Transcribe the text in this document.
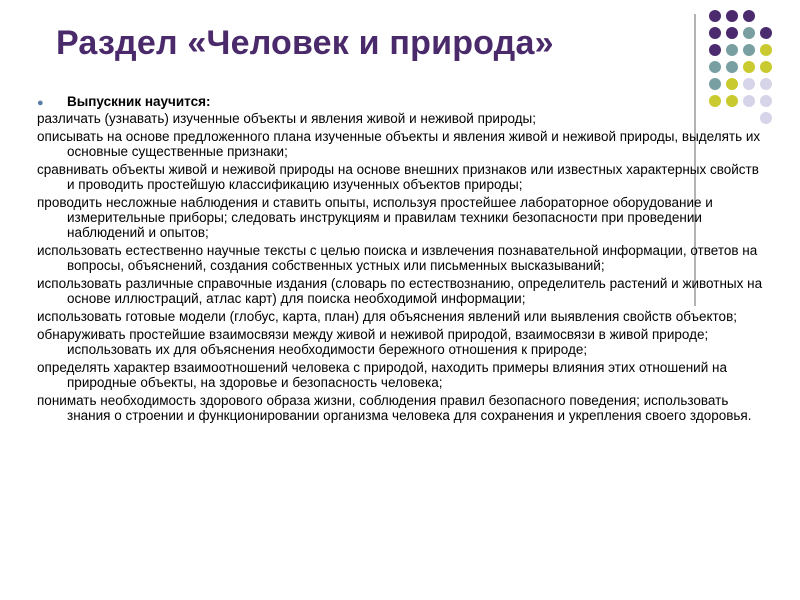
Раздел «Человек и природа»
● Выпускник научится:
различать (узнавать) изученные объекты и явления живой и неживой природы;
описывать на основе предложенного плана изученные объекты и явления живой и неживой природы, выделять их основные существенные признаки;
сравнивать объекты живой и неживой природы на основе внешних признаков или известных характерных свойств и проводить простейшую классификацию изученных объектов природы;
проводить несложные наблюдения и ставить опыты, используя простейшее лабораторное оборудование и измерительные приборы; следовать инструкциям и правилам техники безопасности при проведении наблюдений и опытов;
использовать естественно научные тексты с целью поиска и извлечения познавательной информации, ответов на вопросы, объяснений, создания собственных устных или письменных высказываний;
использовать различные справочные издания (словарь по естествознанию, определитель растений и животных на основе иллюстраций, атлас карт) для поиска необходимой информации;
использовать готовые модели (глобус, карта, план) для объяснения явлений или выявления свойств объектов;
обнаруживать простейшие взаимосвязи между живой и неживой природой, взаимосвязи в живой природе; использовать их для объяснения необходимости бережного отношения к природе;
определять характер взаимоотношений человека с природой, находить примеры влияния этих отношений на природные объекты, на здоровье и безопасность человека;
понимать необходимость здорового образа жизни, соблюдения правил безопасного поведения; использовать знания о строении и функционировании организма человека для сохранения и укрепления своего здоровья.
